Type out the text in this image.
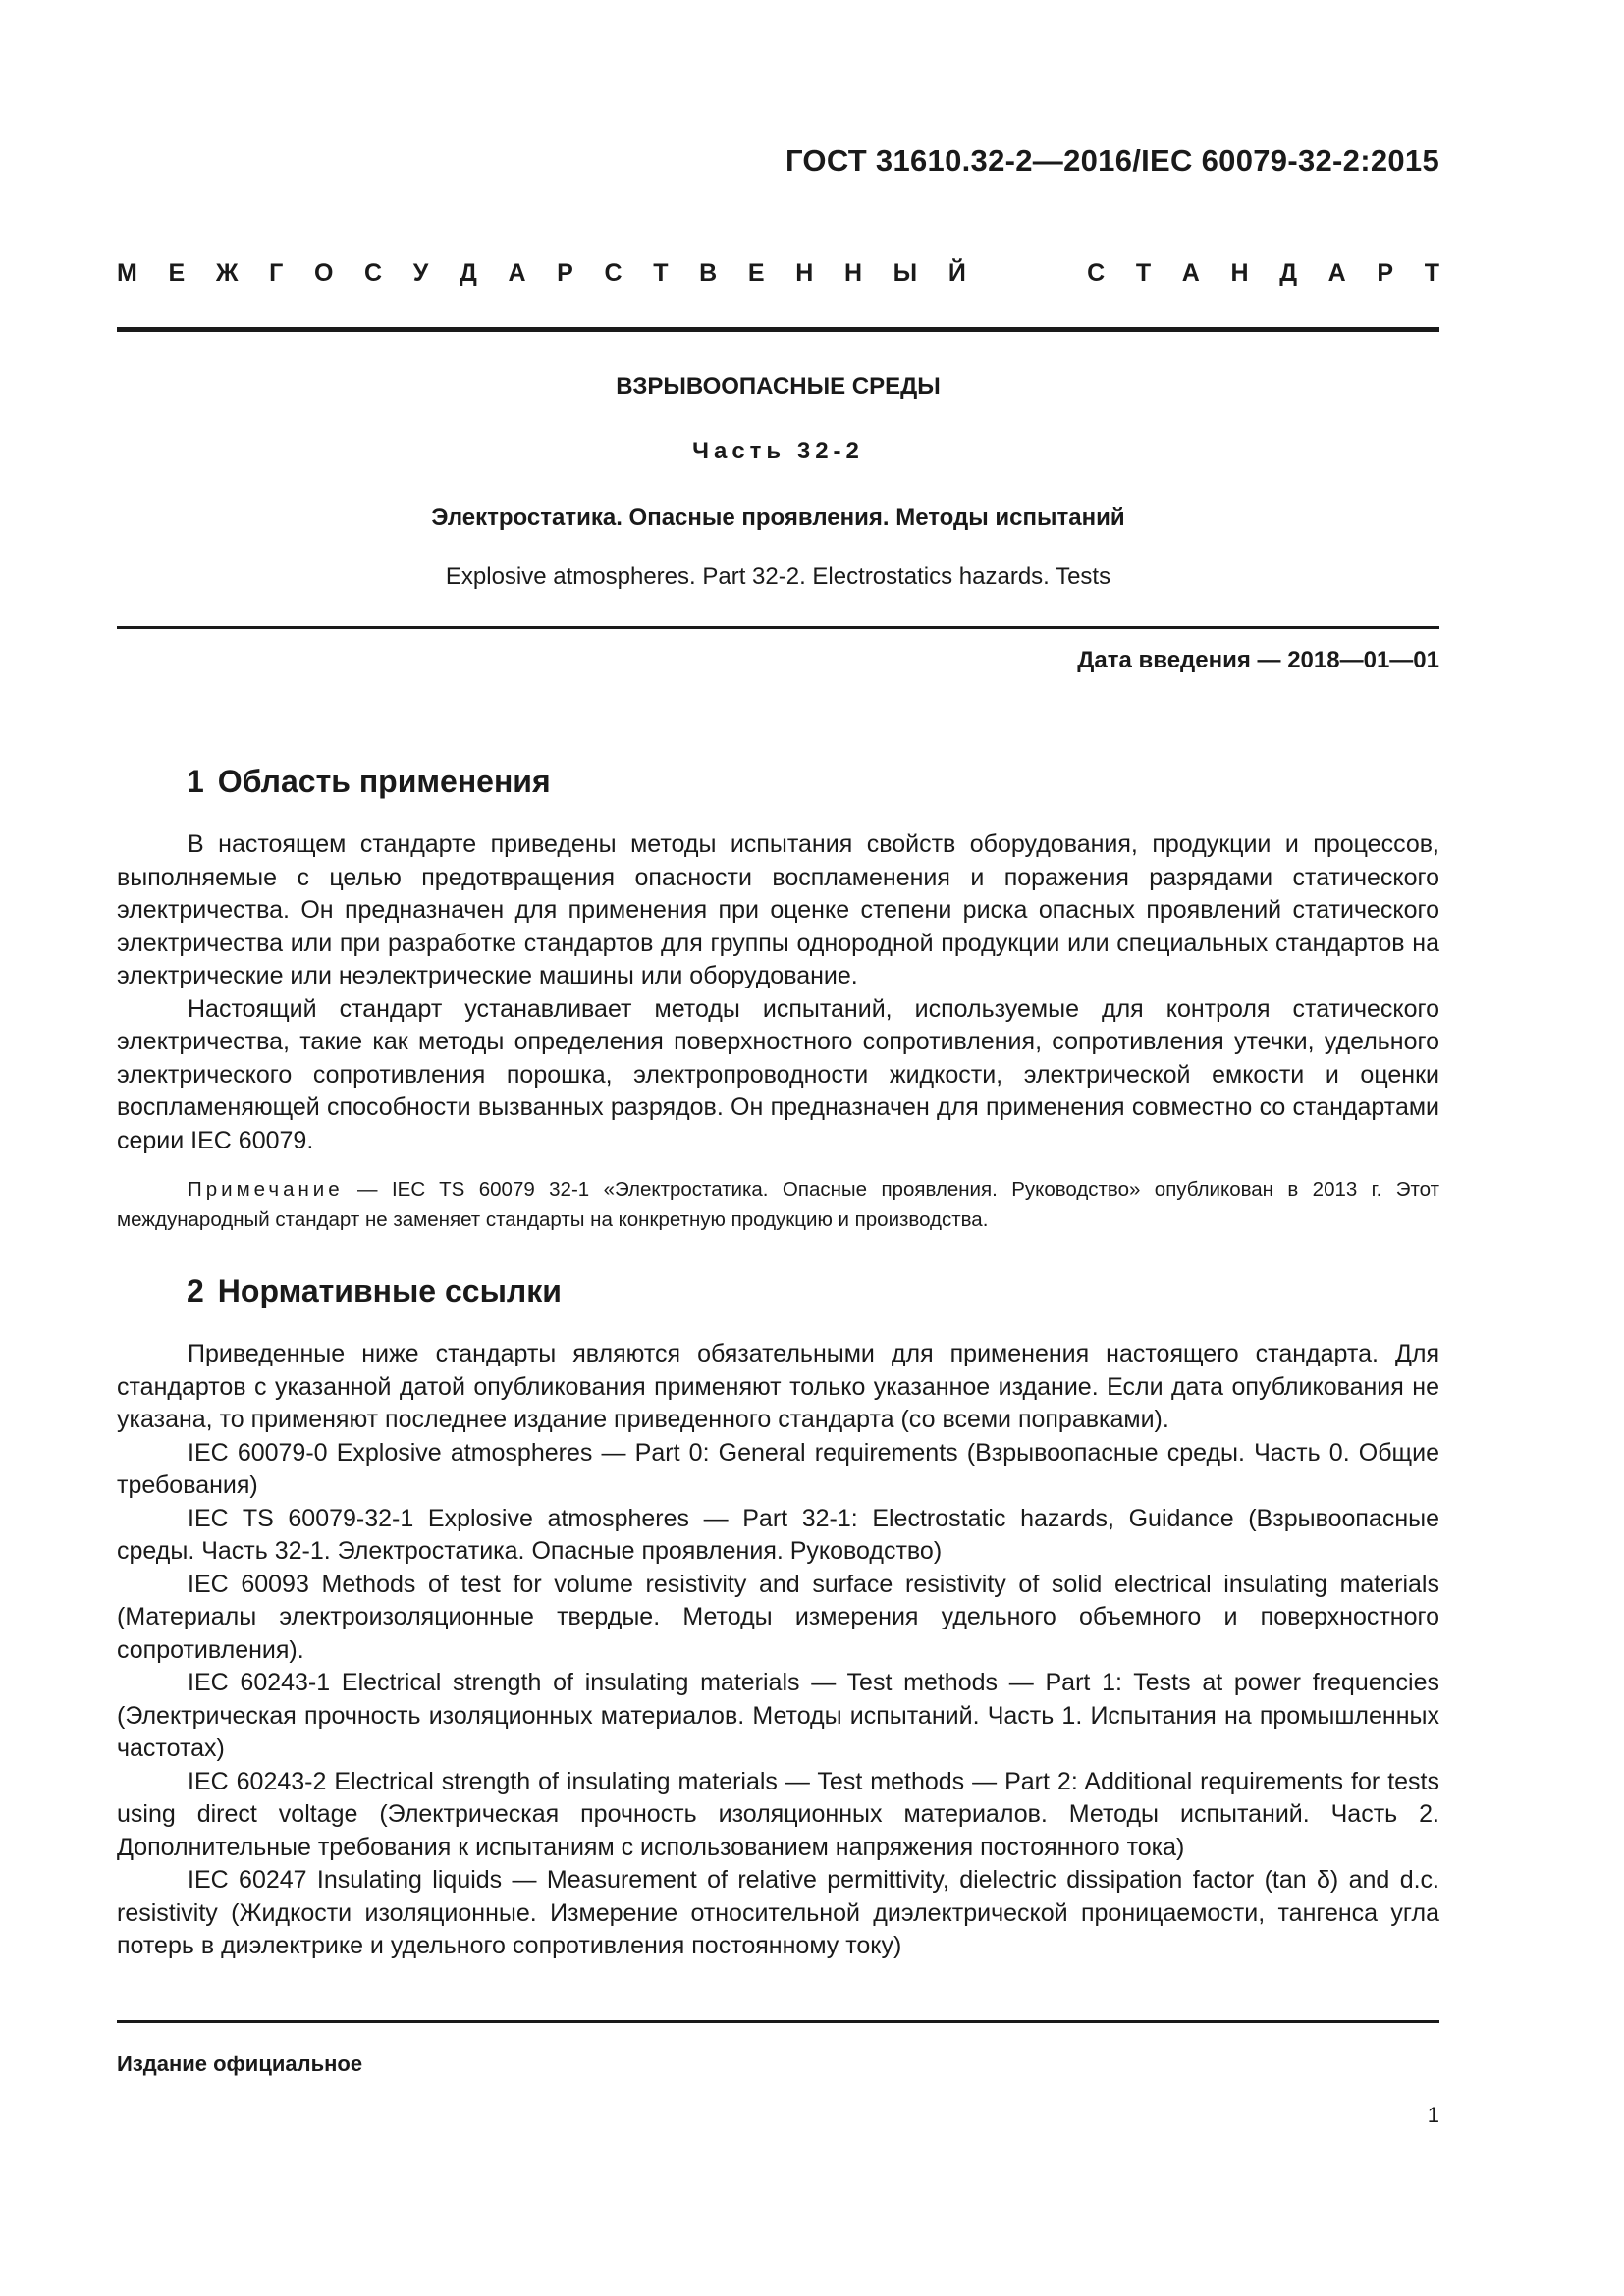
ГОСТ 31610.32-2—2016/IEC 60079-32-2:2015
М Е Ж Г О С У Д А Р С Т В Е Н Н Ы Й	С Т А Н Д А Р Т
ВЗРЫВООПАСНЫЕ СРЕДЫ
Часть 32-2
Электростатика. Опасные проявления. Методы испытаний
Explosive atmospheres. Part 32-2. Electrostatics hazards. Tests
Дата введения — 2018—01—01
1 Область применения

В настоящем стандарте приведены методы испытания свойств оборудования, продукции и процессов, выполняемые с целью предотвращения опасности воспламенения и поражения разрядами статического электричества. Он предназначен для применения при оценке степени риска опасных проявлений статического электричества или при разработке стандартов для группы однородной продукции или специальных стандартов на электрические или неэлектрические машины или оборудование.

Настоящий стандарт устанавливает методы испытаний, используемые для контроля статического электричества, такие как методы определения поверхностного сопротивления, сопротивления утечки, удельного электрического сопротивления порошка, электропроводности жидкости, электрической емкости и оценки воспламеняющей способности вызванных разрядов. Он предназначен для применения совместно со стандартами серии IEC 60079.

Примечание — IEC TS 60079 32-1 «Электростатика. Опасные проявления. Руководство» опубликован в 2013 г. Этот международный стандарт не заменяет стандарты на конкретную продукцию и производства.

2 Нормативные ссылки

Приведенные ниже стандарты являются обязательными для применения настоящего стандарта. Для стандартов с указанной датой опубликования применяют только указанное издание. Если дата опубликования не указана, то применяют последнее издание приведенного стандарта (со всеми поправками).

IEC 60079-0 Explosive atmospheres — Part 0: General requirements (Взрывоопасные среды. Часть 0. Общие требования)

IEC TS 60079-32-1 Explosive atmospheres — Part 32-1: Electrostatic hazards, Guidance (Взрывоопасные среды. Часть 32-1. Электростатика. Опасные проявления. Руководство)

IEC 60093 Methods of test for volume resistivity and surface resistivity of solid electrical insulating materials (Материалы электроизоляционные твердые. Методы измерения удельного объемного и поверхностного сопротивления).

IEC 60243-1 Electrical strength of insulating materials — Test methods — Part 1: Tests at power frequencies (Электрическая прочность изоляционных материалов. Методы испытаний. Часть 1. Испытания на промышленных частотах)

IEC 60243-2 Electrical strength of insulating materials — Test methods — Part 2: Additional requirements for tests using direct voltage (Электрическая прочность изоляционных материалов. Методы испытаний. Часть 2. Дополнительные требования к испытаниям с использованием напряжения постоянного тока)

IEC 60247 Insulating liquids — Measurement of relative permittivity, dielectric dissipation factor (tan δ) and d.c. resistivity (Жидкости изоляционные. Измерение относительной диэлектрической проницаемости, тангенса угла потерь в диэлектрике и удельного сопротивления постоянному току)

Издание официальное
1
